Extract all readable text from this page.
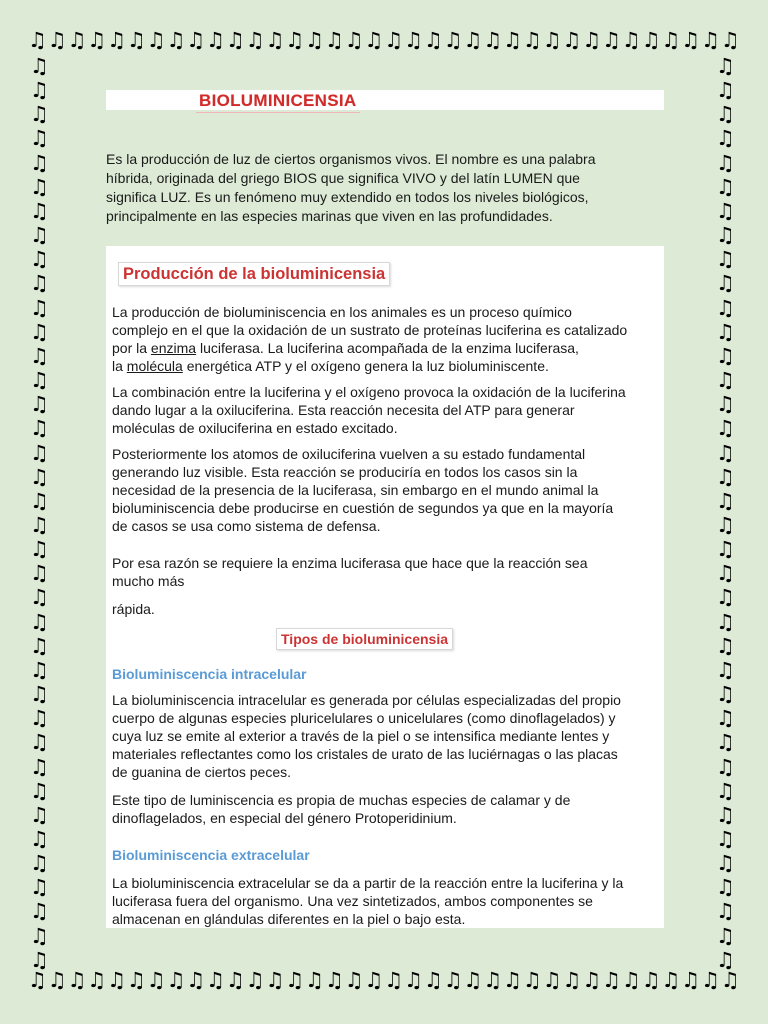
♫ ♫ ♫ ♫ ♫ ♫ ♫ ♫ ♫ ♫ ♫ ♫ ♫ ♫ ♫ ♫ ♫ ♫ ♫ ♫ ♫ ♫ ♫ ♫ ♫ ♫ ♫ ♫ ♫ ♫ ♫ ♫ ♫ ♫ ♫ ♫
♫ ♫ ♫ ♫ ♫ ♫ ♫ ♫ ♫ ♫ ♫ ♫ ♫ ♫ ♫ ♫ ♫ ♫ ♫ ♫ ♫ ♫ ♫ ♫ ♫ ♫ ♫ ♫ ♫ ♫ ♫ ♫ ♫ ♫ ♫ ♫
♫
♫
♫
♫
♫
♫
♫
♫
♫
♫
♫
♫
♫
♫
♫
♫
♫
♫
♫
♫
♫
♫
♫
♫
♫
♫
♫
♫
♫
♫
♫
♫
♫
♫
♫
♫
♫
♫
♫
♫
♫
♫
♫
♫
♫
♫
♫
♫
♫
♫
♫
♫
♫
♫
♫
♫
♫
♫
♫
♫
♫
♫
♫
♫
♫
♫
♫
♫
♫
♫
♫
♫
♫
♫
♫
♫
BIOLUMINICENSIA
Es la producción de luz de ciertos organismos vivos. El nombre es una palabra
híbrida, originada del griego BIOS que significa VIVO y del latín LUMEN que
significa LUZ. Es un fenómeno muy extendido en todos los niveles biológicos,
principalmente en las especies marinas que viven en las profundidades.
Producción de la bioluminicensia
La producción de bioluminiscencia en los animales es un proceso químico
complejo en el que la oxidación de un sustrato de proteínas luciferina es catalizado
por la enzima luciferasa. La luciferina acompañada de la enzima luciferasa,
la molécula energética ATP y el oxígeno genera la luz bioluminiscente.
La combinación entre la luciferina y el oxígeno provoca la oxidación de la luciferina
dando lugar a la oxiluciferina. Esta reacción necesita del ATP para generar
moléculas de oxiluciferina en estado excitado.
Posteriormente los atomos de oxiluciferina vuelven a su estado fundamental
generando luz visible. Esta reacción se produciría en todos los casos sin la
necesidad de la presencia de la luciferasa, sin embargo en el mundo animal la
bioluminiscencia debe producirse en cuestión de segundos ya que en la mayoría
de casos se usa como sistema de defensa.
Por esa razón se requiere la enzima luciferasa que hace que la reacción sea
mucho más
rápida.
Tipos de bioluminicensia
Bioluminiscencia intracelular
La bioluminiscencia intracelular es generada por células especializadas del propio
cuerpo de algunas especies pluricelulares o unicelulares (como dinoflagelados) y
cuya luz se emite al exterior a través de la piel o se intensifica mediante lentes y
materiales reflectantes como los cristales de urato de las luciérnagas o las placas
de guanina de ciertos peces.
Este tipo de luminiscencia es propia de muchas especies de calamar y de
dinoflagelados, en especial del género Protoperidinium.
Bioluminiscencia extracelular
La bioluminiscencia extracelular se da a partir de la reacción entre la luciferina y la
luciferasa fuera del organismo. Una vez sintetizados, ambos componentes se
almacenan en glándulas diferentes en la piel o bajo esta.
